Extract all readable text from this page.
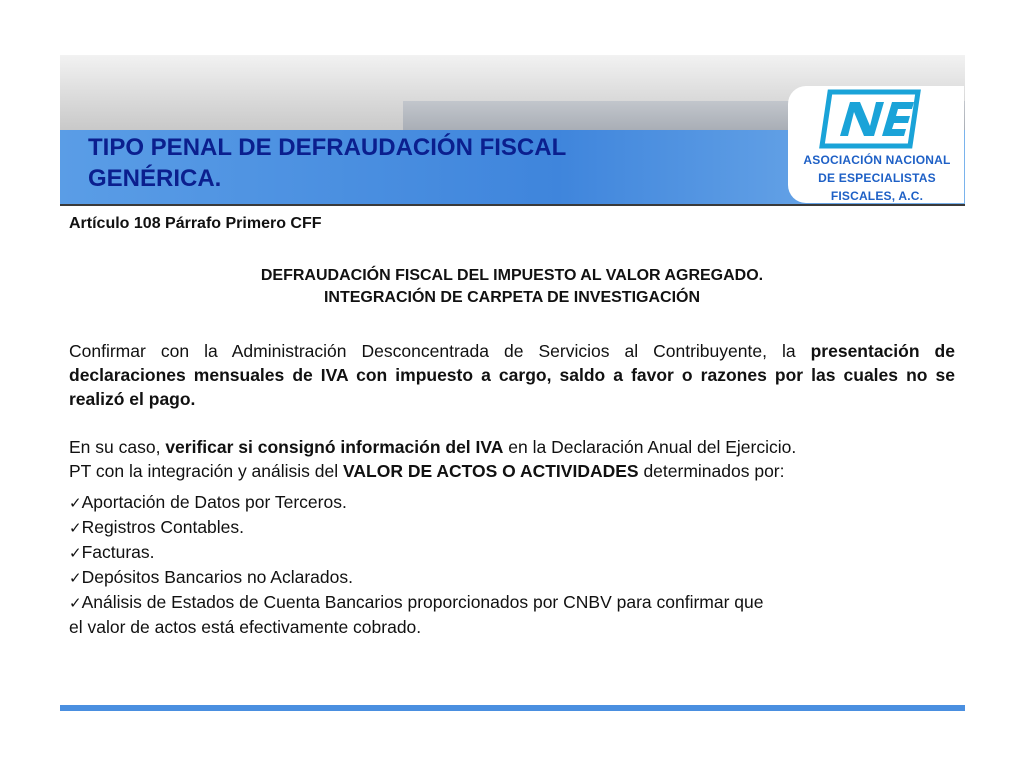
TIPO PENAL DE DEFRAUDACIÓN FISCAL
GENÉRICA.
ANE
ASOCIACIÓN NACIONAL
DE ESPECIALISTAS
FISCALES, A.C.

Artículo 108 Párrafo Primero CFF

DEFRAUDACIÓN FISCAL DEL IMPUESTO AL VALOR AGREGADO.
INTEGRACIÓN DE CARPETA DE INVESTIGACIÓN
Confirmar con la Administración Desconcentrada de Servicios al Contribuyente, la presentación de declaraciones mensuales de IVA con impuesto a cargo, saldo a favor o razones por las cuales no se realizó el pago.
En su caso, verificar si consignó información del IVA en la Declaración Anual del Ejercicio.
PT con la integración y análisis del VALOR DE ACTOS O ACTIVIDADES determinados por:
✓Aportación de Datos por Terceros.
✓Registros Contables.
✓Facturas.
✓Depósitos Bancarios no Aclarados.
✓Análisis de Estados de Cuenta Bancarios proporcionados por CNBV para confirmar que
el valor de actos está efectivamente cobrado.
